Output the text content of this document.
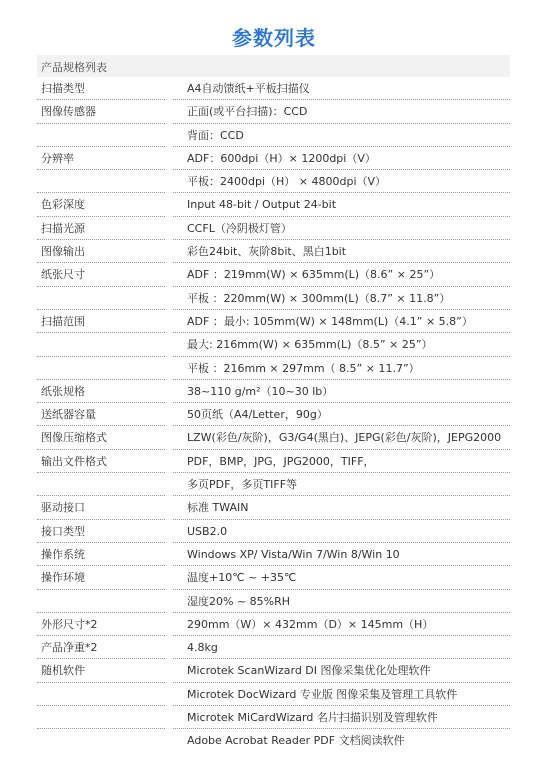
参数列表
产品规格列表
扫描类型	A4自动馈纸+平板扫描仪
图像传感器	正面(或平台扫描)：CCD
背面：CCD
分辨率	ADF：600dpi（H）× 1200dpi（V）
平板：2400dpi（H） × 4800dpi（V）
色彩深度	Input 48-bit / Output 24-bit
扫描光源	CCFL（冷阴极灯管）
图像输出	彩色24bit、灰阶8bit、黑白1bit
纸张尺寸	ADF ：219mm(W) × 635mm(L)（8.6” × 25”）
平板 ：220mm(W) × 300mm(L)（8.7” × 11.8”）
扫描范围	ADF ：最小: 105mm(W) × 148mm(L)（4.1” × 5.8”）
最大: 216mm(W) × 635mm(L)（8.5” × 25”）
平板 ：216mm × 297mm（ 8.5” × 11.7”）
纸张规格	38~110 g/m²（10~30 lb）
送纸器容量	50页纸（A4/Letter，90g）
图像压缩格式	LZW(彩色/灰阶)，G3/G4(黑白)、JEPG(彩色/灰阶)，JEPG2000
输出文件格式	PDF，BMP，JPG，JPG2000，TIFF，
多页PDF，多页TIFF等
驱动接口	标准 TWAIN
接口类型	USB2.0
操作系统	Windows XP/ Vista/Win 7/Win 8/Win 10
操作环境	温度+10℃ ~ +35℃
湿度20% ~ 85%RH
外形尺寸*2	290mm（W）× 432mm（D）× 145mm（H）
产品净重*2	4.8kg
随机软件	Microtek ScanWizard DI 图像采集优化处理软件
Microtek DocWizard 专业版 图像采集及管理工具软件
Microtek MiCardWizard 名片扫描识别及管理软件
Adobe Acrobat Reader PDF 文档阅读软件
